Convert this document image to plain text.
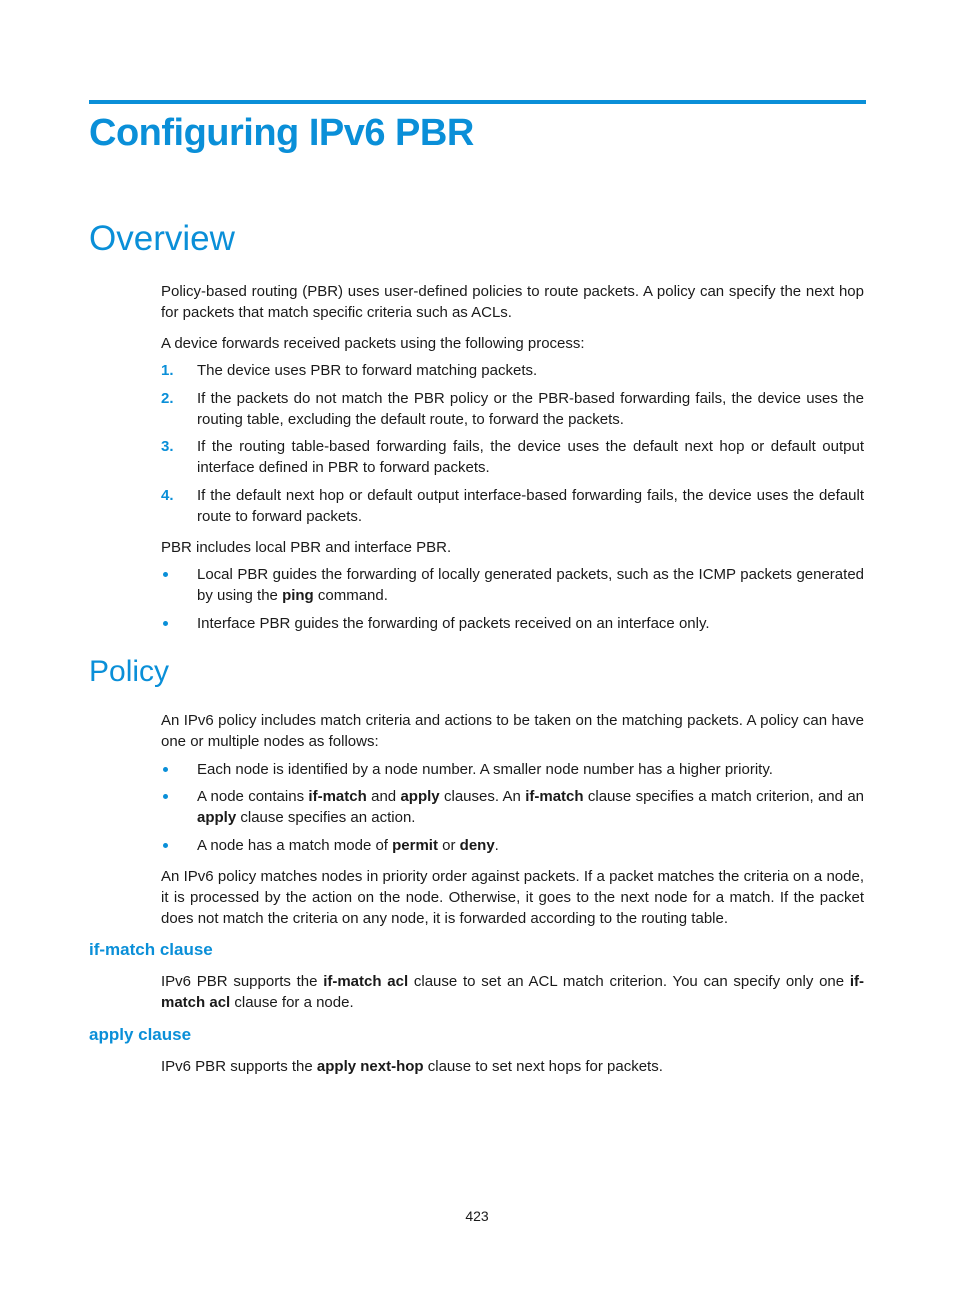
Configuring IPv6 PBR
Overview

Policy-based routing (PBR) uses user-defined policies to route packets. A policy can specify the next hop for packets that match specific criteria such as ACLs.

A device forwards received packets using the following process:

1. The device uses PBR to forward matching packets.
2. If the packets do not match the PBR policy or the PBR-based forwarding fails, the device uses the routing table, excluding the default route, to forward the packets.
3. If the routing table-based forwarding fails, the device uses the default next hop or default output interface defined in PBR to forward packets.
4. If the default next hop or default output interface-based forwarding fails, the device uses the default route to forward packets.

PBR includes local PBR and interface PBR.

Local PBR guides the forwarding of locally generated packets, such as the ICMP packets generated by using the ping command.
Interface PBR guides the forwarding of packets received on an interface only.
Policy

An IPv6 policy includes match criteria and actions to be taken on the matching packets. A policy can have one or multiple nodes as follows:

Each node is identified by a node number. A smaller node number has a higher priority.
A node contains if-match and apply clauses. An if-match clause specifies a match criterion, and an apply clause specifies an action.
A node has a match mode of permit or deny.

An IPv6 policy matches nodes in priority order against packets. If a packet matches the criteria on a node, it is processed by the action on the node. Otherwise, it goes to the next node for a match. If the packet does not match the criteria on any node, it is forwarded according to the routing table.

if-match clause

IPv6 PBR supports the if-match acl clause to set an ACL match criterion. You can specify only one if-match acl clause for a node.

apply clause

IPv6 PBR supports the apply next-hop clause to set next hops for packets.

423
